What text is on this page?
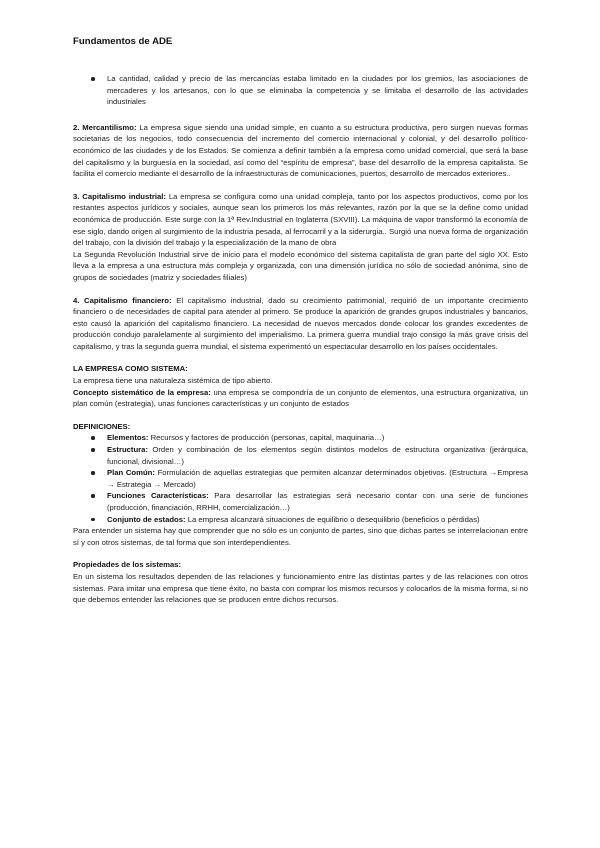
Fundamentos de ADE
La cantidad, calidad y precio de las mercancías estaba limitado en la ciudades por los gremios, las asociaciones de mercaderes y los artesanos, con lo que se eliminaba la competencia y se limitaba el desarrollo de las actividades industriales

2. Mercantilismo: La empresa sigue siendo una unidad simple, en cuanto a su estructura productiva, pero surgen nuevas formas societarias de los negocios, todo consecuencia del incremento del comercio internacional y colonial, y del desarrollo político-económico de las ciudades y de los Estados. Se comienza a definir también a la empresa como unidad comercial, que será la base del capitalismo y la burguesía en la sociedad, así como del “espíritu de empresa”, base del desarrollo de la empresa capitalista. Se facilita el comercio mediante el desarrollo de la infraestructuras de comunicaciones, puertos, desarrollo de mercados exteriores..

3. Capitalismo industrial: La empresa se configura como una unidad compleja, tanto por los aspectos productivos, como por los restantes aspectos jurídicos y sociales, aunque sean los primeros los más relevantes, razón por la que se la define como unidad económica de producción. Este surge con la 1ª Rev.Industrial en Inglaterra (SXVIII). La máquina de vapor transformó la economía de ese siglo, dando origen al surgimiento de la industria pesada, al ferrocarril y a la siderurgia.. Surgió una nueva forma de organización del trabajo, con la división del trabajo y la especialización de la mano de obra

La Segunda Revolución Industrial sirve de inicio para el modelo económico del sistema capitalista de gran parte del siglo XX. Esto lleva a la empresa a una estructura más compleja y organizada, con una dimensión jurídica no sólo de sociedad anónima, sino de grupos de sociedades (matriz y sociedades filiales)

4. Capitalismo financiero: El capitalismo industrial, dado su crecimiento patrimonial, requirió de un importante crecimiento financiero o de necesidades de capital para atender al primero. Se produce la aparición de grandes grupos industriales y bancarios, esto causó la aparición del capitalismo financiero. La necesidad de nuevos mercados donde colocar los grandes excedentes de producción condujo paralelamente al surgimiento del imperialismo. La primera guerra mundial trajo consigo la más grave crisis del capitalismo, y tras la segunda guerra mundial, el sistema experimentó un espectacular desarrollo en los países occidentales.

LA EMPRESA COMO SISTEMA:

La empresa tiene una naturaleza sistémica de tipo abierto.

Concepto sistemático de la empresa: una empresa se compondría de un conjunto de elementos, una estructura organizativa, un plan común (estrategia), unas funciones características y un conjunto de estados

DEFINICIONES:
Elementos: Recursos y factores de producción (personas, capital, maquinaria…)
Estructura: Orden y combinación de los elementos según distintos modelos de estructura organizativa (jerárquica, funcional, divisional…)
Plan Común: Formulación de aquellas estrategias que permiten alcanzar determinados objetivos. (Estructura →Empresa → Estrategia → Mercado)
Funciones Características: Para desarrollar las estrategias será necesario contar con una serie de funciones (producción, financiación, RRHH, comercialización…)
Conjunto de estados: La empresa alcanzará situaciones de equilibrio o desequilibrio (beneficios o pérdidas)

Para entender un sistema hay que comprender que no sólo es un conjunto de partes, sino que dichas partes se interrelacionan entre sí y con otros sistemas, de tal forma que son interdependientes.

Propiedades de los sistemas:

En un sistema los resultados dependen de las relaciones y funcionamiento entre las distintas partes y de las relaciones con otros sistemas. Para imitar una empresa que tiene éxito, no basta con comprar los mismos recursos y colocarlos de la misma forma, si no que debemos entender las relaciones que se producen entre dichos recursos.
